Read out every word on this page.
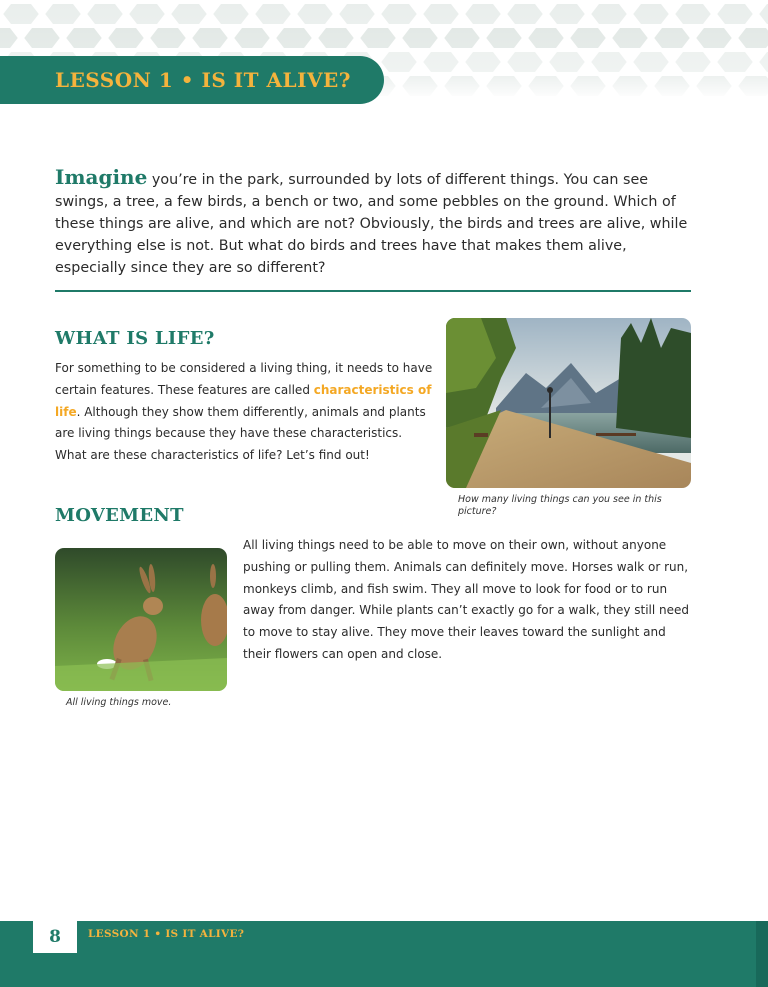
LESSON 1 • IS IT ALIVE?

Imagine you’re in the park, surrounded by lots of different things. You can see swings, a tree, a few birds, a bench or two, and some pebbles on the ground. Which of these things are alive, and which are not? Obviously, the birds and trees are alive, while everything else is not. But what do birds and trees have that makes them alive, especially since they are so different?

WHAT IS LIFE?

For something to be considered a living thing, it needs to have certain features. These features are called characteristics of life. Although they show them differently, animals and plants are living things because they have these characteristics. What are these characteristics of life? Let’s find out!

How many living things can you see in this picture?

MOVEMENT

All living things need to be able to move on their own, without anyone pushing or pulling them. Animals can definitely move. Horses walk or run, monkeys climb, and fish swim. They all move to look for food or to run away from danger. While plants can’t exactly go for a walk, they still need to move to stay alive. They move their leaves toward the sunlight and their flowers can open and close.

All living things move.

8	LESSON 1 • IS IT ALIVE?
